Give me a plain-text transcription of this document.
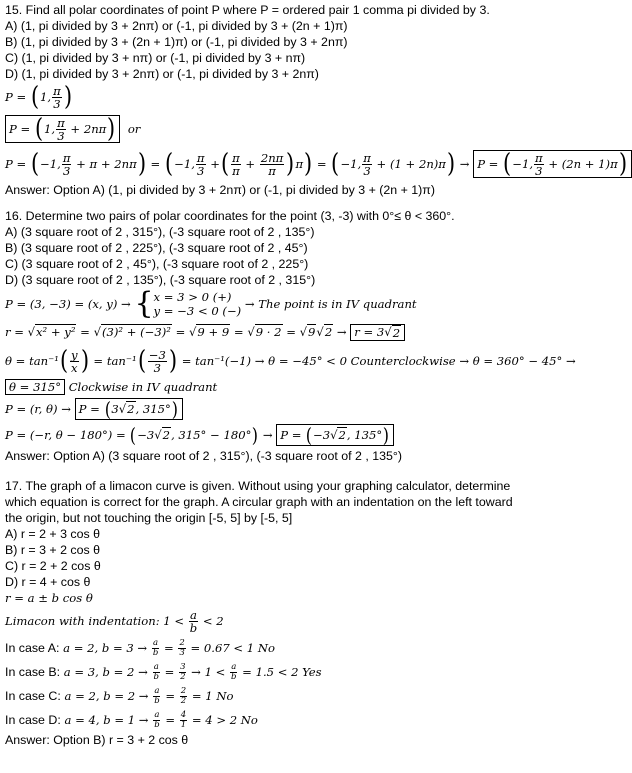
15. Find all polar coordinates of point P where P = ordered pair 1 comma pi divided by 3.
A) (1, pi divided by 3 + 2nπ) or (-1, pi divided by 3 + (2n + 1)π)
B) (1, pi divided by 3 + (2n + 1)π) or (-1, pi divided by 3 + 2nπ)
C) (1, pi divided by 3 + nπ) or (-1, pi divided by 3 + nπ)
D) (1, pi divided by 3 + 2nπ) or (-1, pi divided by 3 + 2nπ)
P = ( 1, $\frac{\pi}{3}$ )
P = ( 1, $\frac{\pi}{3} + 2n\pi$ )
or
P = ( −1, $\frac{\pi}{3} + \pi + 2n\pi$ ) = ( −1, $\frac{\pi}{3}$ + ( $\frac{\pi}{\pi} + \frac{2n\pi}{\pi}$ ) π ) = ( −1, $\frac{\pi}{3} + (1 + 2n)\pi$ ) → P = ( −1, $\frac{\pi}{3} + (2n + 1)\pi$ )
Answer: Option A) (1, pi divided by 3 + 2nπ) or (-1, pi divided by 3 + (2n + 1)π)
16. Determine two pairs of polar coordinates for the point (3, -3) with 0°≤ θ < 360°.
A) (3 square root of 2 , 315°), (-3 square root of 2 , 135°)
B) (3 square root of 2 , 225°), (-3 square root of 2 , 45°)
C) (3 square root of 2 , 45°), (-3 square root of 2 , 225°)
D) (3 square root of 2 , 135°), (-3 square root of 2 , 315°)
P = (3, −3) = (x, y) → { x = 3 > 0 (+)
y = −3 < 0 (−) → The point is in IV quadrant
r = √x² + y² = √(3)² + (−3)² = √9 + 9 = √9 · 2 = √9√2 → r = 3√ 2
θ = tan⁻¹ ( $\frac{y}{x}$ ) = tan⁻¹ ( $\frac{-3}{3}$ ) = tan⁻¹(−1) → θ = −45° < 0 Counterclockwise → θ = 360° − 45° →
θ = 315°
Clockwise in IV quadrant
P = (r, θ) → P = ( 3√2, 315° )
P = (−r, θ − 180°) = ( −3√2, 315° − 180° ) → P = ( −3√2, 135° )
Answer: Option A) (3 square root of 2 , 315°), (-3 square root of 2 , 135°)
17. The graph of a limacon curve is given. Without using your graphing calculator, determine
which equation is correct for the graph. A circular graph with an indentation on the left toward
the origin, but not touching the origin [-5, 5] by [-5, 5]
A) r = 2 + 3 cos θ
B) r = 3 + 2 cos θ
C) r = 2 + 2 cos θ
D) r = 4 + cos θ
r = a ± b cos θ
Limacon with indentation: $1 < \frac{a}{b} < 2$
In case A:
a = 2, b = 3 →
$\frac{a}{b} = \frac{2}{3}$
= 0.67 < 1 No
In case B:
a = 3, b = 2 →
$\frac{a}{b} = \frac{3}{2} \to 1 < \frac{a}{b}$
= 1.5 < 2 Yes
In case C:
a = 2, b = 2 →
$\frac{a}{b} = \frac{2}{2}$
= 1 No
In case D:
a = 4, b = 1 →
$\frac{a}{b} = \frac{4}{1}$
= 4 > 2 No
Answer: Option B) r = 3 + 2 cos θ
